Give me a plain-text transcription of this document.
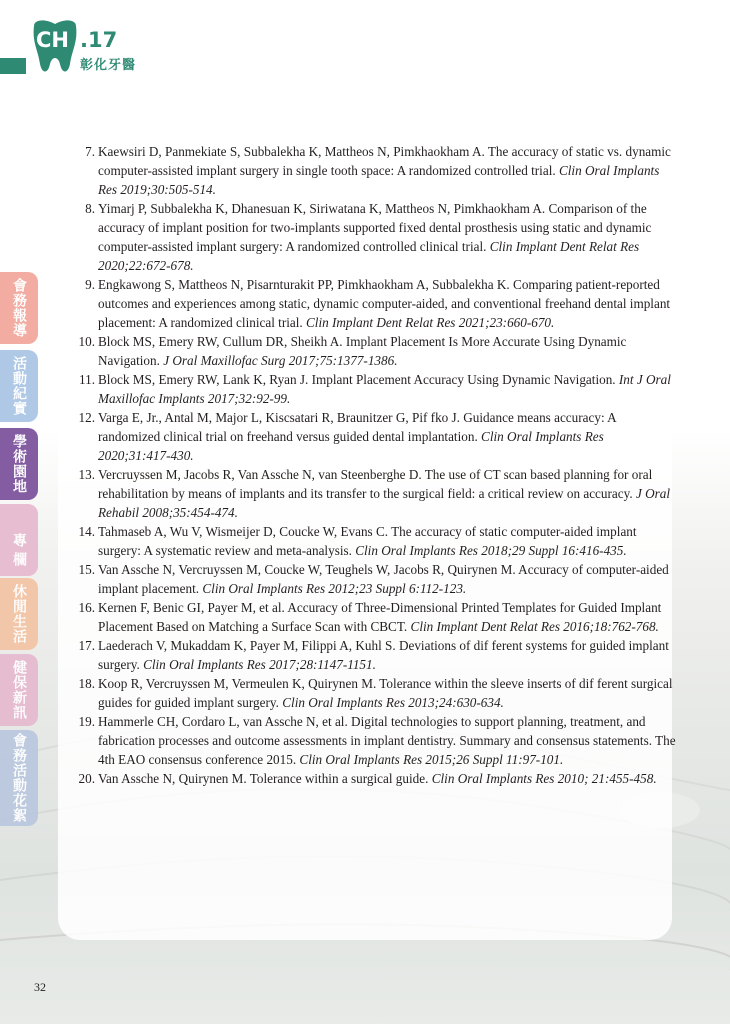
CH .17
彰化牙醫
會務報導
活動紀實
學術園地
專
欄
休閒生活
健保新訊
會務活動花絮
7. Kaewsiri D, Panmekiate S, Subbalekha K, Mattheos N, Pimkhaokham A. The accuracy of static vs. dynamic computer-assisted implant surgery in single tooth space: A randomized controlled trial. Clin Oral Implants Res 2019;30:505-514.
8. Yimarj P, Subbalekha K, Dhanesuan K, Siriwatana K, Mattheos N, Pimkhaokham A. Comparison of the accuracy of implant position for two-implants supported fixed dental prosthesis using static and dynamic computer-assisted implant surgery: A randomized controlled clinical trial. Clin Implant Dent Relat Res 2020;22:672-678.
9. Engkawong S, Mattheos N, Pisarnturakit PP, Pimkhaokham A, Subbalekha K. Comparing patient-reported outcomes and experiences among static, dynamic computer-aided, and conventional freehand dental implant placement: A randomized clinical trial. Clin Implant Dent Relat Res 2021;23:660-670.
10. Block MS, Emery RW, Cullum DR, Sheikh A. Implant Placement Is More Accurate Using Dynamic Navigation. J Oral Maxillofac Surg 2017;75:1377-1386.
11. Block MS, Emery RW, Lank K, Ryan J. Implant Placement Accuracy Using Dynamic Navigation. Int J Oral Maxillofac Implants 2017;32:92-99.
12. Varga E, Jr., Antal M, Major L, Kiscsatari R, Braunitzer G, Pif fko J. Guidance means accuracy: A randomized clinical trial on freehand versus guided dental implantation. Clin Oral Implants Res 2020;31:417-430.
13. Vercruyssen M, Jacobs R, Van Assche N, van Steenberghe D. The use of CT scan based planning for oral rehabilitation by means of implants and its transfer to the surgical field: a critical review on accuracy. J Oral Rehabil 2008;35:454-474.
14. Tahmaseb A, Wu V, Wismeijer D, Coucke W, Evans C. The accuracy of static computer-aided implant surgery: A systematic review and meta-analysis. Clin Oral Implants Res 2018;29 Suppl 16:416-435.
15. Van Assche N, Vercruyssen M, Coucke W, Teughels W, Jacobs R, Quirynen M. Accuracy of computer-aided implant placement. Clin Oral Implants Res 2012;23 Suppl 6:112-123.
16. Kernen F, Benic GI, Payer M, et al. Accuracy of Three-Dimensional Printed Templates for Guided Implant Placement Based on Matching a Surface Scan with CBCT. Clin Implant Dent Relat Res 2016;18:762-768.
17. Laederach V, Mukaddam K, Payer M, Filippi A, Kuhl S. Deviations of dif ferent systems for guided implant surgery. Clin Oral Implants Res 2017;28:1147-1151.
18. Koop R, Vercruyssen M, Vermeulen K, Quirynen M. Tolerance within the sleeve inserts of dif ferent surgical guides for guided implant surgery. Clin Oral Implants Res 2013;24:630-634.
19. Hammerle CH, Cordaro L, van Assche N, et al. Digital technologies to support planning, treatment, and fabrication processes and outcome assessments in implant dentistry. Summary and consensus statements. The 4th EAO consensus conference 2015. Clin Oral Implants Res 2015;26 Suppl 11:97-101.
20. Van Assche N, Quirynen M. Tolerance within a surgical guide. Clin Oral Implants Res 2010; 21:455-458.
32
